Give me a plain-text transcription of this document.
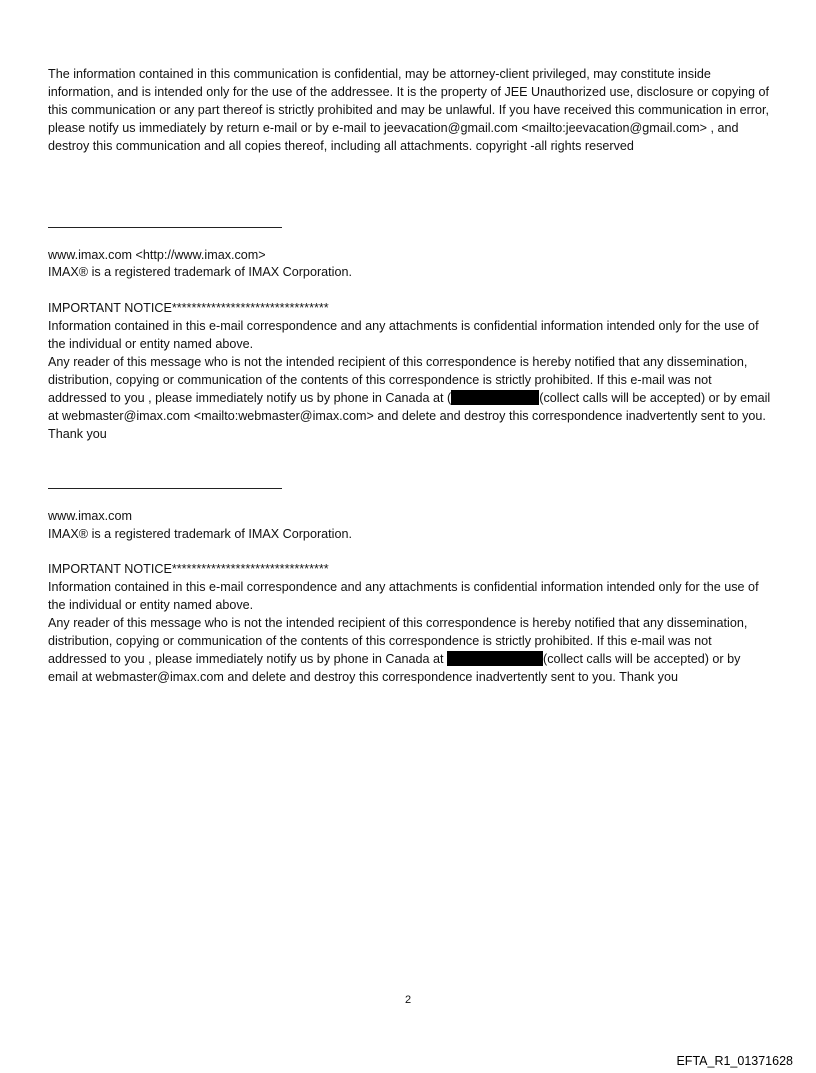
The information contained in this communication is confidential, may be attorney-client privileged, may constitute inside information, and is intended only for the use of the addressee. It is the property of JEE Unauthorized use, disclosure or copying of this communication or any part thereof is strictly prohibited and may be unlawful. If you have received this communication in error, please notify us immediately by return e-mail or by e-mail to jeevacation@gmail.com <mailto:jeevacation@gmail.com> , and destroy this communication and all copies thereof, including all attachments. copyright -all rights reserved

www.imax.com <http://www.imax.com>

IMAX® is a registered trademark of IMAX Corporation.

IMPORTANT NOTICE********************************

Information contained in this e-mail correspondence and any attachments is confidential information intended only for the use of the individual or entity named above.

Any reader of this message who is not the intended recipient of this correspondence is hereby notified that any dissemination, distribution, copying or communication of the contents of this correspondence is strictly prohibited. If this e-mail was not addressed to you , please immediately notify us by phone in Canada at (	(collect calls will be accepted) or by email at webmaster@imax.com <mailto:webmaster@imax.com> and delete and destroy this correspondence inadvertently sent to you. Thank you

www.imax.com

IMAX® is a registered trademark of IMAX Corporation.

IMPORTANT NOTICE********************************

Information contained in this e-mail correspondence and any attachments is confidential information intended only for the use of the individual or entity named above.

Any reader of this message who is not the intended recipient of this correspondence is hereby notified that any dissemination, distribution, copying or communication of the contents of this correspondence is strictly prohibited. If this e-mail was not addressed to you , please immediately notify us by phone in Canada at	(collect calls will be accepted) or by email at webmaster@imax.com and delete and destroy this correspondence inadvertently sent to you. Thank you

2
EFTA_R1_01371628
